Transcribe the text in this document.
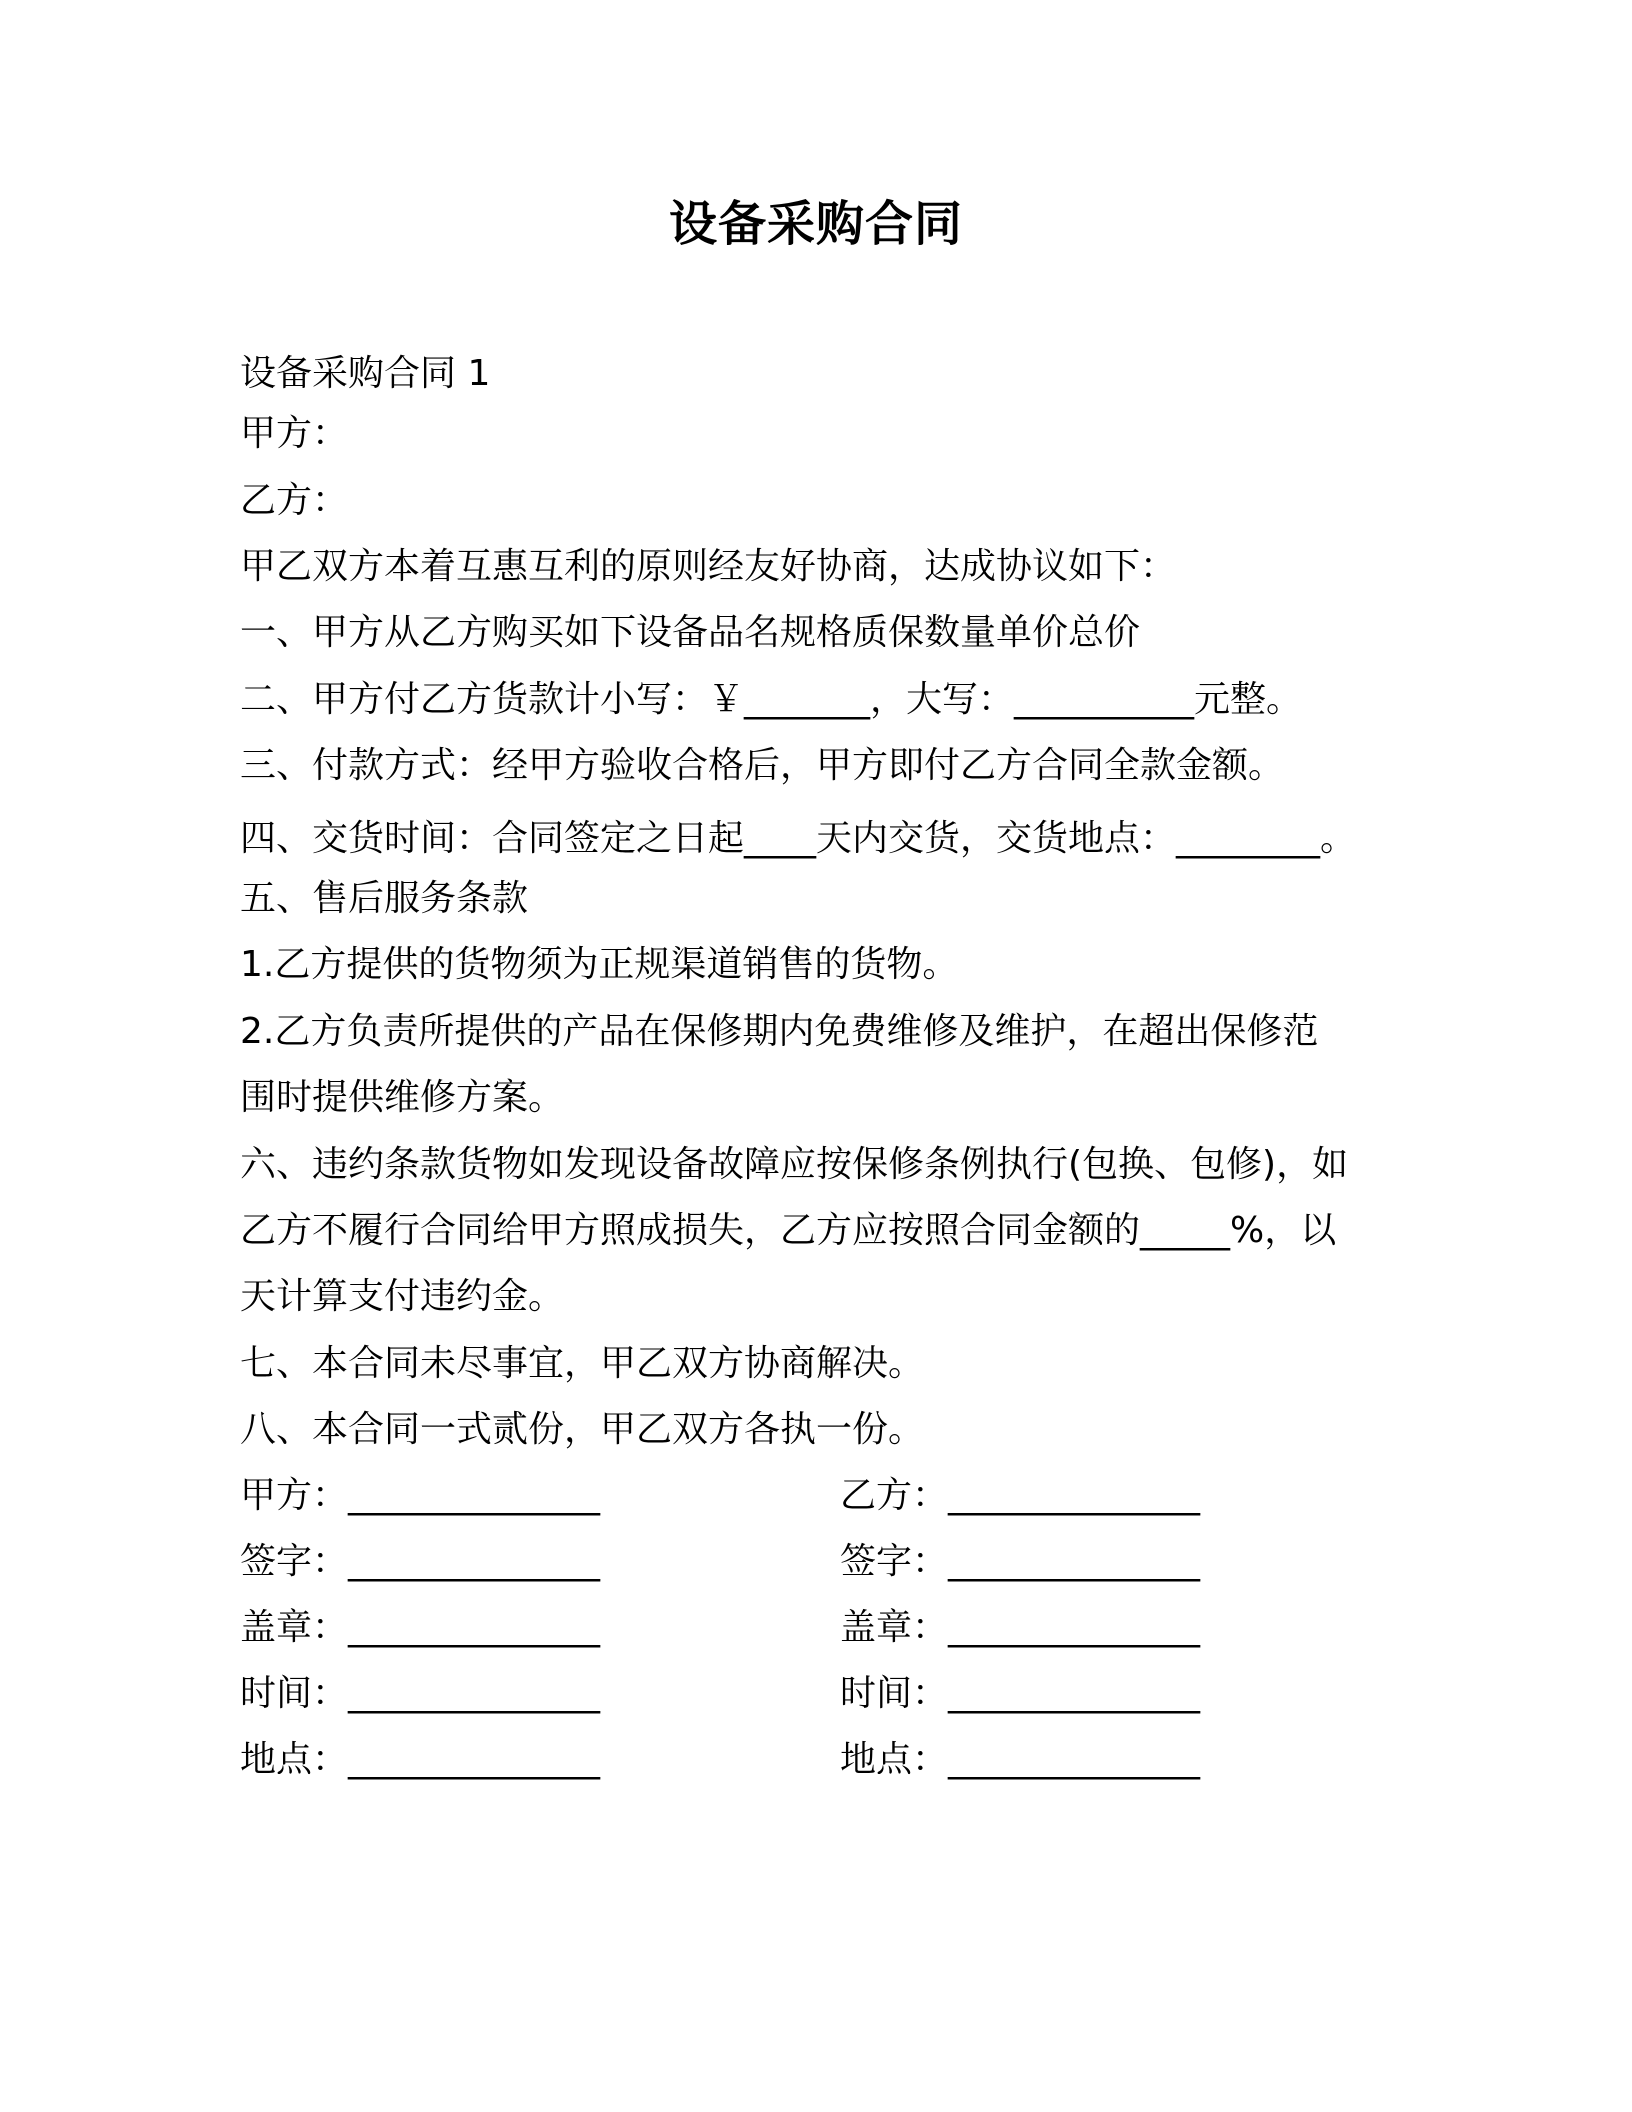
设备采购合同
设备采购合同 1
甲方：
乙方：
甲乙双方本着互惠互利的原则经友好协商，达成协议如下：
一、甲方从乙方购买如下设备品名规格质保数量单价总价
二、甲方付乙方货款计小写：￥_______，大写：__________元整。
三、付款方式：经甲方验收合格后，甲方即付乙方合同全款金额。
四、交货时间：合同签定之日起____天内交货，交货地点：________。
五、售后服务条款
1.乙方提供的货物须为正规渠道销售的货物。
2.乙方负责所提供的产品在保修期内免费维修及维护，在超出保修范
围时提供维修方案。
六、违约条款货物如发现设备故障应按保修条例执行(包换、包修)，如
乙方不履行合同给甲方照成损失，乙方应按照合同金额的_____%，以
天计算支付违约金。
七、本合同未尽事宜，甲乙双方协商解决。
八、本合同一式贰份，甲乙双方各执一份。
甲方：______________
签字：______________
盖章：______________
时间：______________
地点：______________
乙方：______________
签字：______________
盖章：______________
时间：______________
地点：______________
